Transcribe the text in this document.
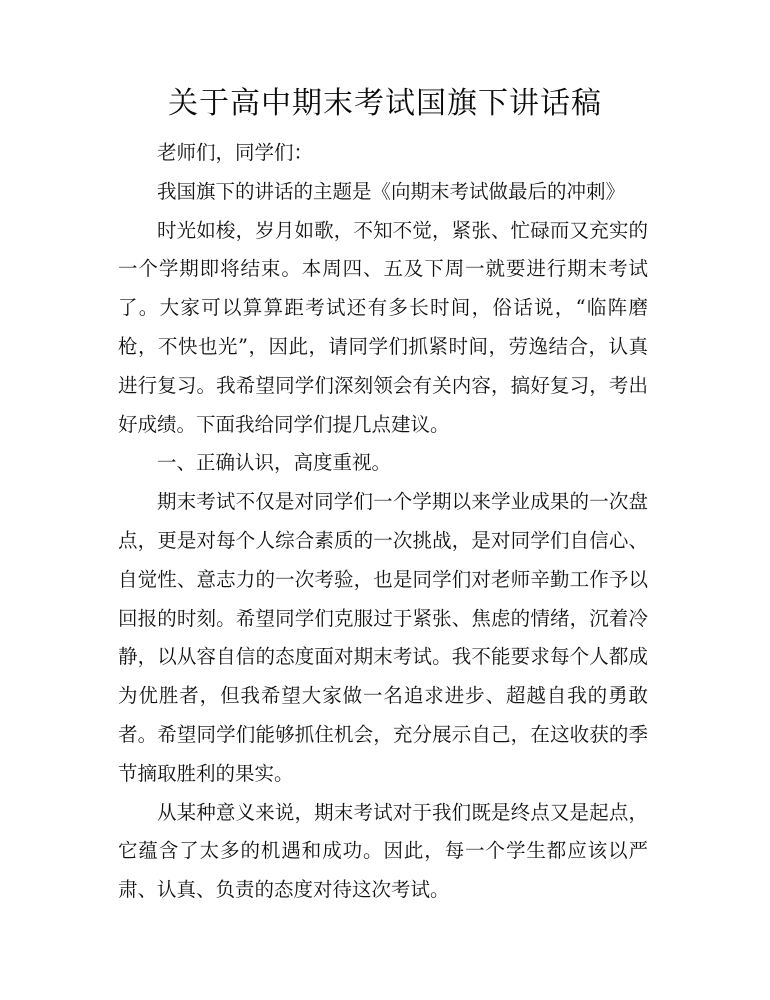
关于高中期末考试国旗下讲话稿

老师们，同学们：

我国旗下的讲话的主题是《向期末考试做最后的冲刺》

时光如梭，岁月如歌，不知不觉，紧张、忙碌而又充实的一个学期即将结束。本周四、五及下周一就要进行期末考试了。大家可以算算距考试还有多长时间，俗话说，“临阵磨枪，不快也光”，因此，请同学们抓紧时间，劳逸结合，认真进行复习。我希望同学们深刻领会有关内容，搞好复习，考出好成绩。下面我给同学们提几点建议。

一、正确认识，高度重视。

期末考试不仅是对同学们一个学期以来学业成果的一次盘点，更是对每个人综合素质的一次挑战，是对同学们自信心、自觉性、意志力的一次考验，也是同学们对老师辛勤工作予以回报的时刻。希望同学们克服过于紧张、焦虑的情绪，沉着冷静，以从容自信的态度面对期末考试。我不能要求每个人都成为优胜者，但我希望大家做一名追求进步、超越自我的勇敢者。希望同学们能够抓住机会，充分展示自己，在这收获的季节摘取胜利的果实。

从某种意义来说，期末考试对于我们既是终点又是起点，它蕴含了太多的机遇和成功。因此，每一个学生都应该以严肃、认真、负责的态度对待这次考试。
